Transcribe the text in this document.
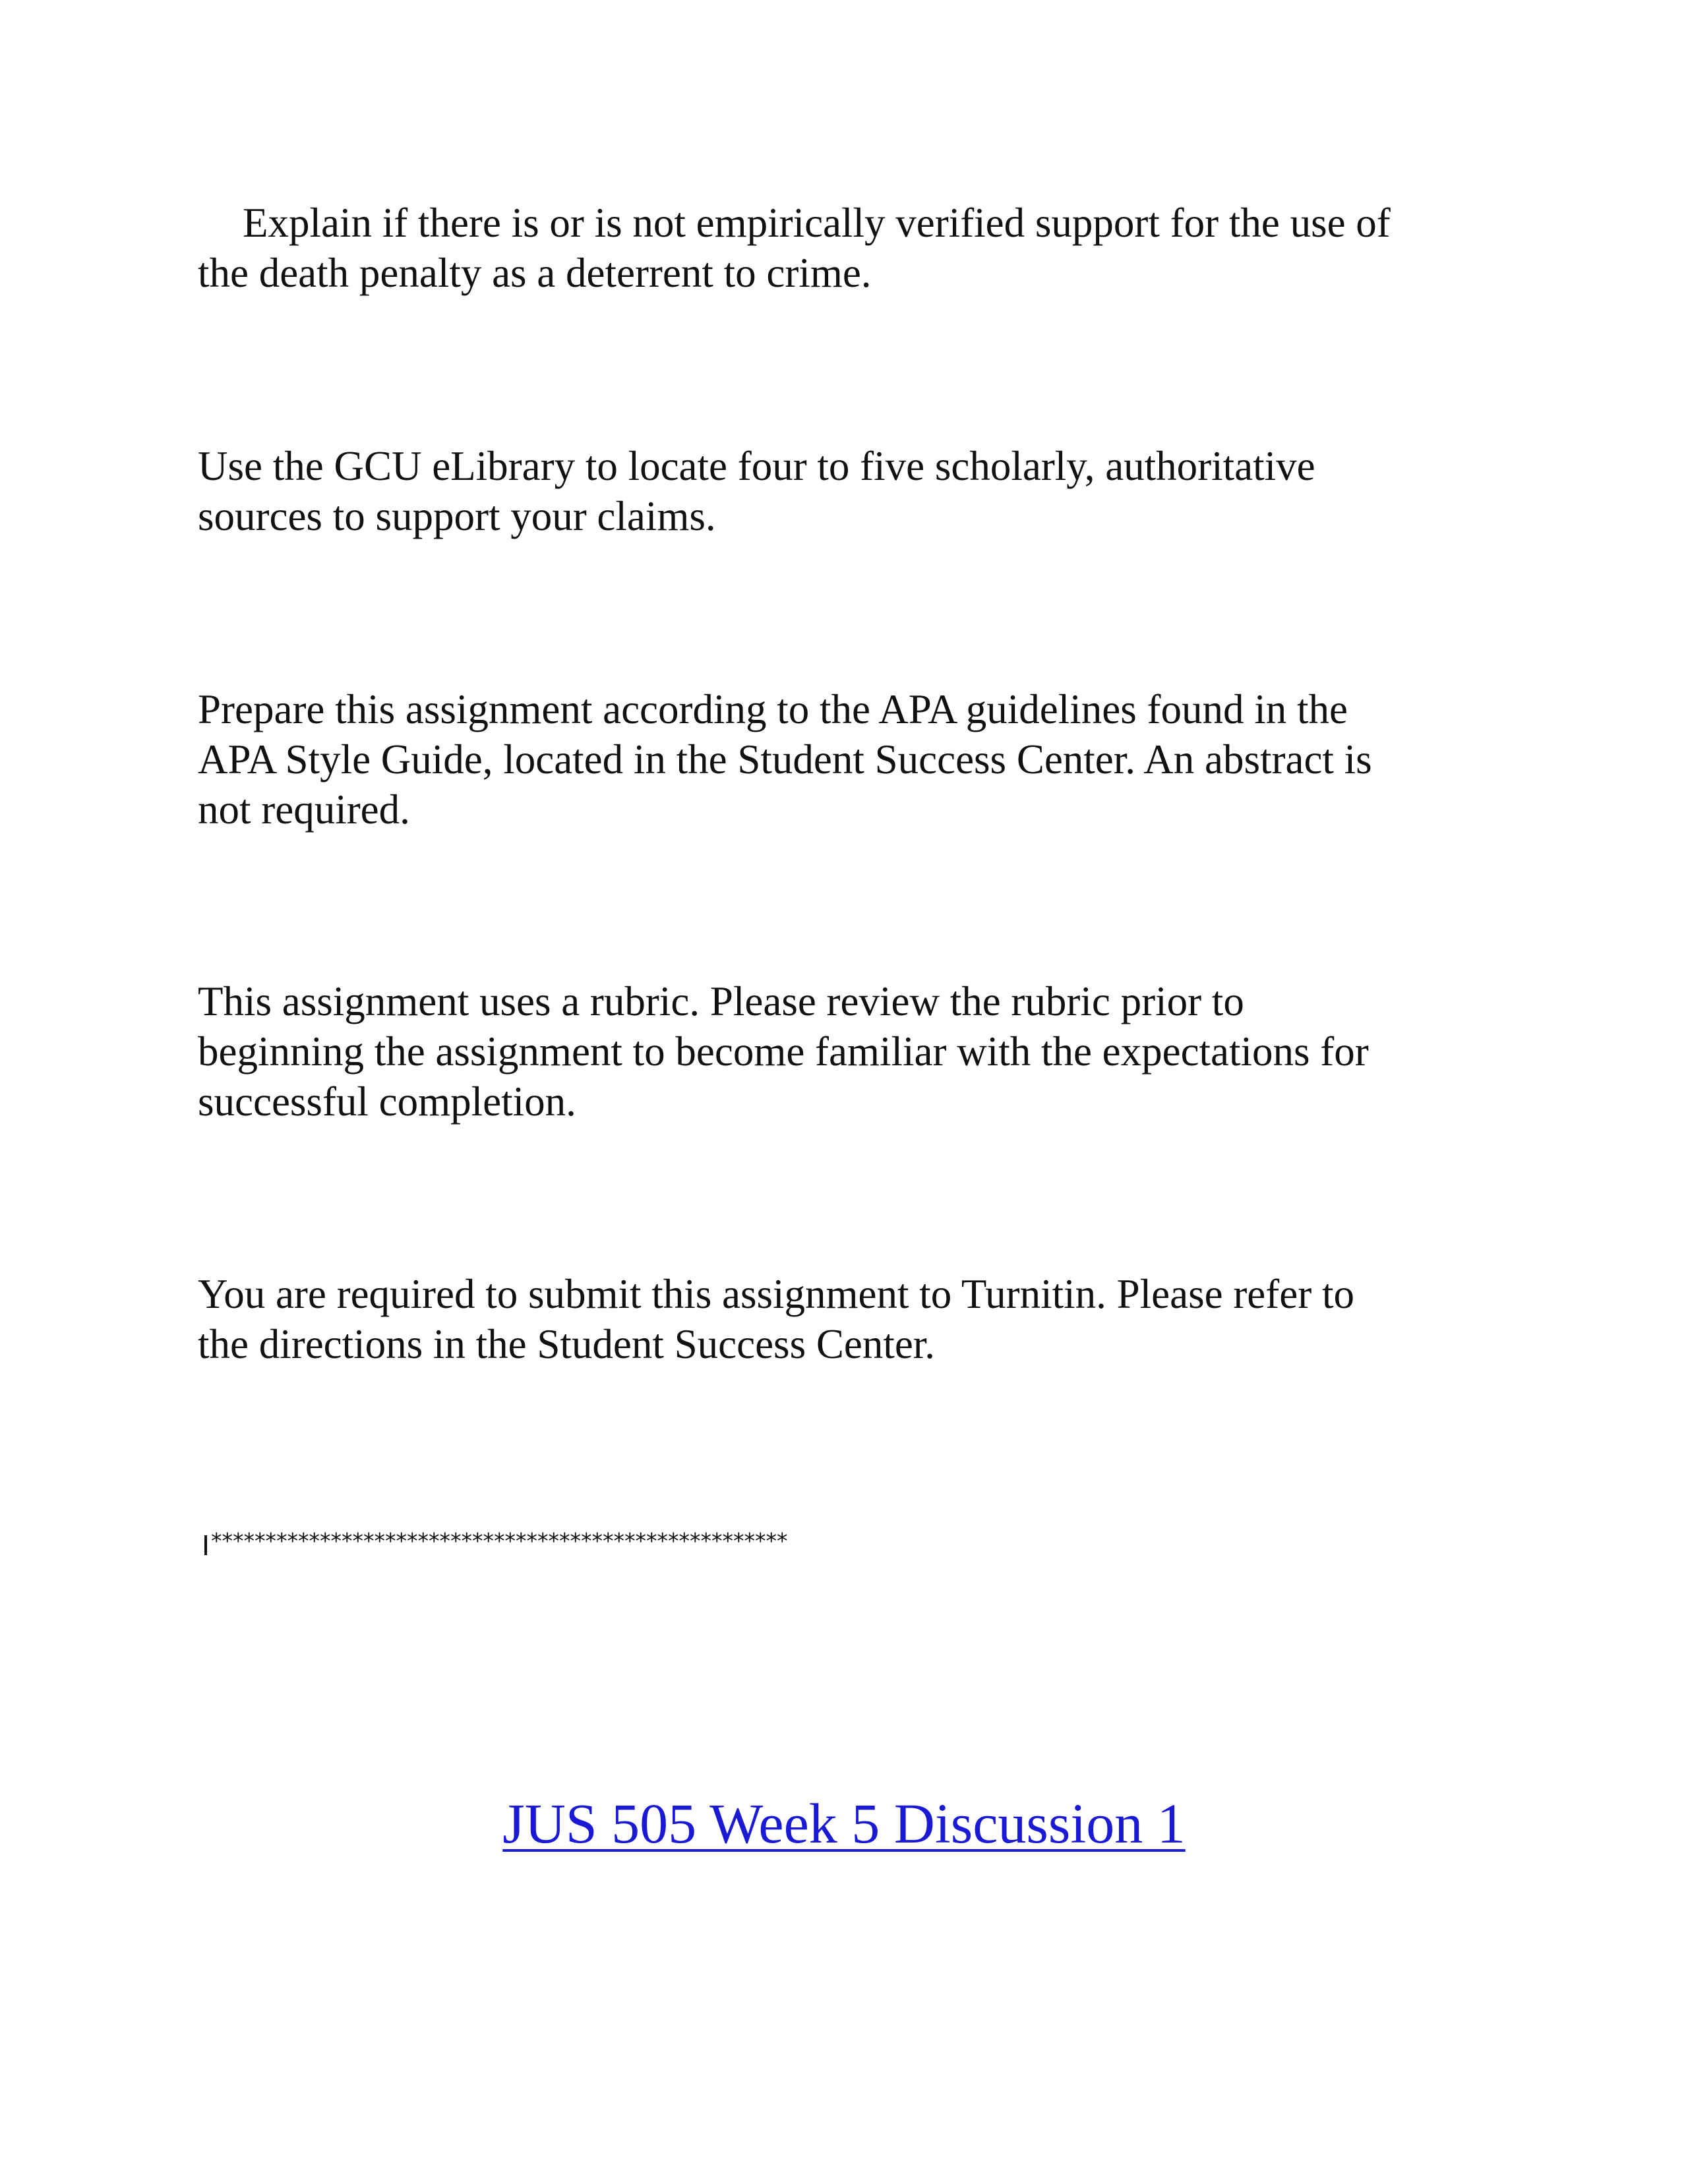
Explain if there is or is not empirically verified support for the use of
the death penalty as a deterrent to crime.

Use the GCU eLibrary to locate four to five scholarly, authoritative
sources to support your claims.

Prepare this assignment according to the APA guidelines found in the
APA Style Guide, located in the Student Success Center. An abstract is
not required.

This assignment uses a rubric. Please review the rubric prior to
beginning the assignment to become familiar with the expectations for
successful completion.

You are required to submit this assignment to Turnitin. Please refer to
the directions in the Student Success Center.

*****************************************************
JUS 505 Week 5 Discussion 1
